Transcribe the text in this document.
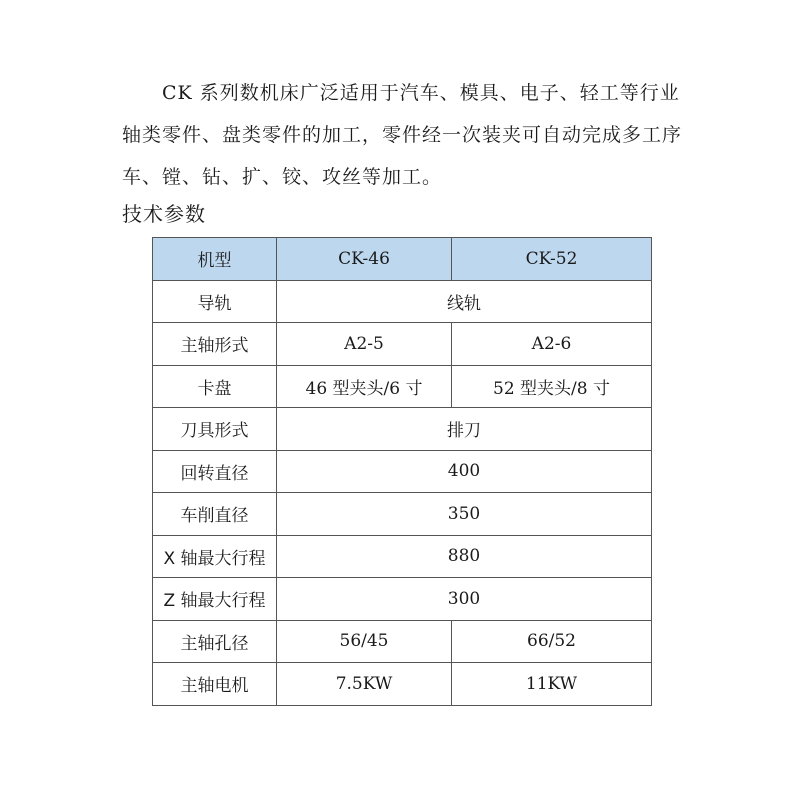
CK 系列数机床广泛适用于汽车、模具、电子、轻工等行业
轴类零件、盘类零件的加工，零件经一次装夹可自动完成多工序
车、镗、钻、扩、铰、攻丝等加工。
技术参数
机型	CK-46	CK-52
导轨	线轨	
主轴形式	A2-5	A2-6
卡盘	46 型夹头/6 寸	52 型夹头/8 寸
刀具形式	排刀	
回转直径	400	
车削直径	350	
X 轴最大行程	880	
Z 轴最大行程	300	
主轴孔径	56/45	66/52
主轴电机	7.5KW	11KW
